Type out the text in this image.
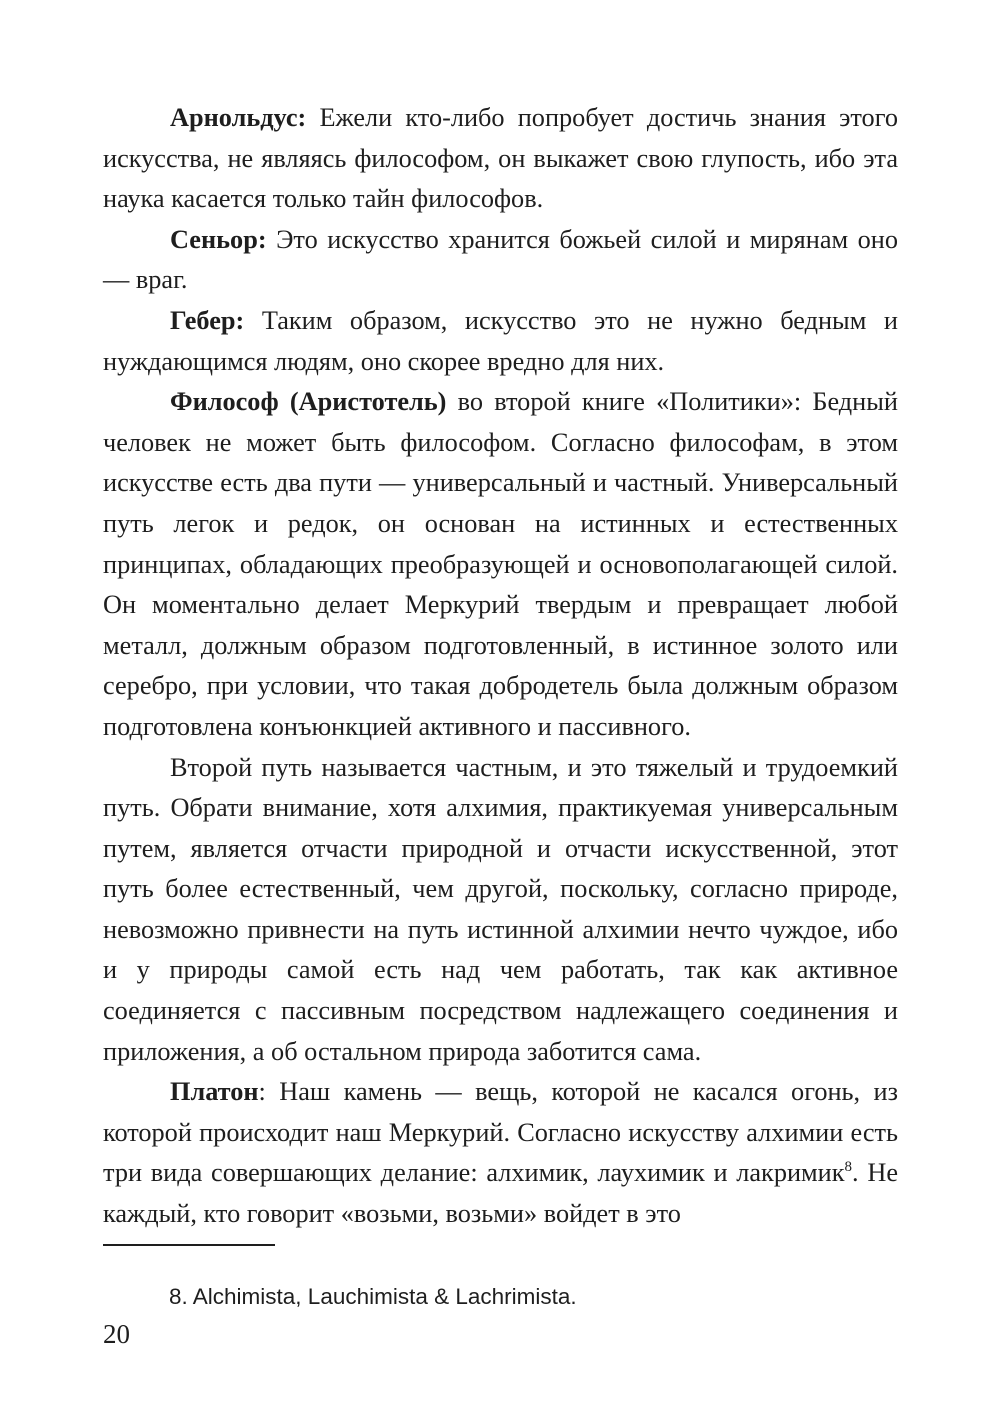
Арнольдус: Ежели кто-либо попробует достичь знания этого искусства, не являясь философом, он выкажет свою глупость, ибо эта наука касается только тайн философов.

Сеньор: Это искусство хранится божьей силой и мирянам оно — враг.

Гебер: Таким образом, искусство это не нужно бедным и нуждающимся людям, оно скорее вредно для них.

Философ (Аристотель) во второй книге «Политики»: Бедный человек не может быть философом. Согласно философам, в этом искусстве есть два пути — универсальный и частный. Универсальный путь легок и редок, он основан на истинных и естественных принципах, обладающих преобразующей и основополагающей силой. Он моментально делает Меркурий твердым и превращает любой металл, должным образом подготовленный, в истинное золото или серебро, при условии, что такая добродетель была должным образом подготовлена конъюнкцией активного и пассивного.

Второй путь называется частным, и это тяжелый и трудоемкий путь. Обрати внимание, хотя алхимия, практикуемая универсальным путем, является отчасти природной и отчасти искусственной, этот путь более естественный, чем другой, поскольку, согласно природе, невозможно привнести на путь истинной алхимии нечто чуждое, ибо и у природы самой есть над чем работать, так как активное соединяется с пассивным посредством надлежащего соединения и приложения, а об остальном природа заботится сама.

Платон: Наш камень — вещь, которой не касался огонь, из которой происходит наш Меркурий. Согласно искусству алхимии есть три вида совершающих делание: алхимик, лаухимик и лакримик$^8$. Не каждый, кто говорит «возьми, возьми» войдет в это

8. Alchimista, Lauchimista & Lachrimista.
20
